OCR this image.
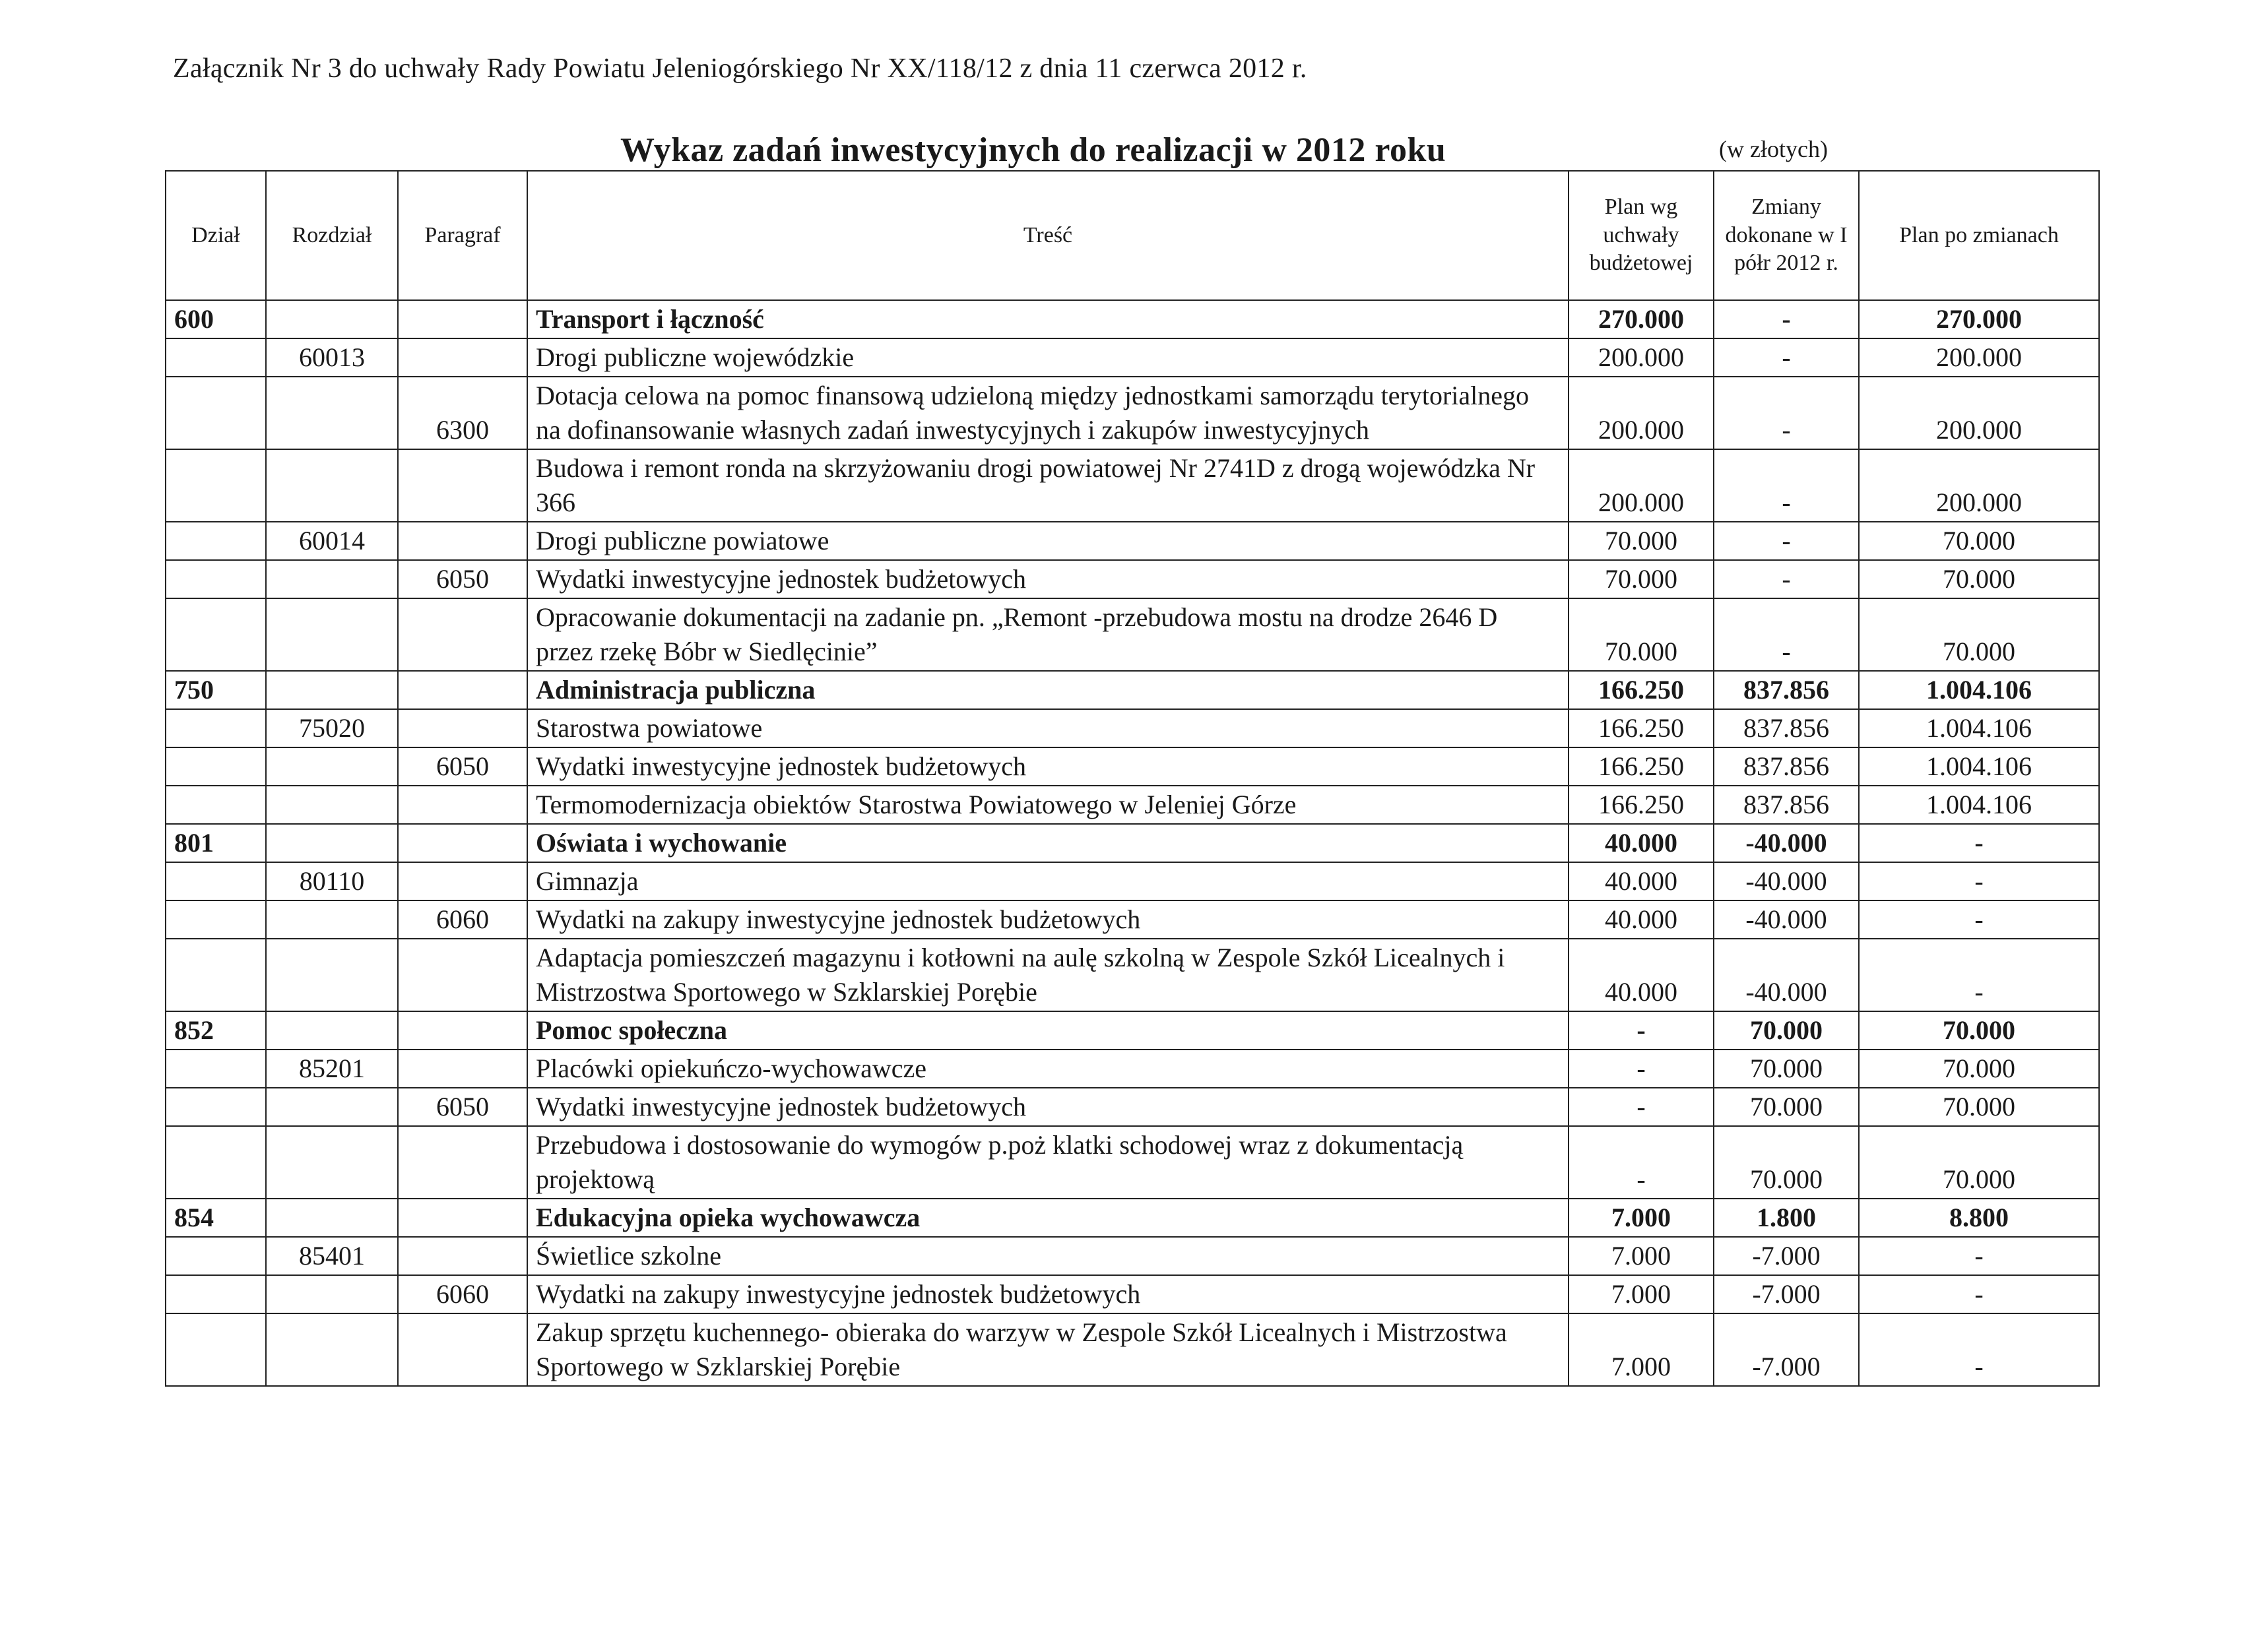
Załącznik Nr 3 do uchwały Rady Powiatu Jeleniogórskiego Nr XX/118/12 z dnia 11 czerwca 2012 r.
Wykaz zadań inwestycyjnych do realizacji w 2012 roku	(w złotych)
Dział	Rozdział	Paragraf	Treść	Plan wg uchwały budżetowej	Zmiany dokonane w I półr 2012 r.	Plan po zmianach
600			Transport i łączność	270.000	-	270.000
	60013		Drogi publiczne wojewódzkie	200.000	-	200.000
		6300	Dotacja celowa na pomoc finansową udzieloną między jednostkami samorządu terytorialnego na dofinansowanie własnych zadań inwestycyjnych i zakupów inwestycyjnych	200.000	-	200.000
			Budowa i remont ronda na skrzyżowaniu drogi powiatowej Nr 2741D z drogą wojewódzka Nr 366	200.000	-	200.000
	60014		Drogi publiczne powiatowe	70.000	-	70.000
		6050	Wydatki inwestycyjne jednostek budżetowych	70.000	-	70.000
			Opracowanie dokumentacji na zadanie pn. „Remont -przebudowa mostu na drodze 2646 D przez rzekę Bóbr w Siedlęcinie”	70.000	-	70.000
750			Administracja publiczna	166.250	837.856	1.004.106
	75020		Starostwa powiatowe	166.250	837.856	1.004.106
		6050	Wydatki inwestycyjne jednostek budżetowych	166.250	837.856	1.004.106
			Termomodernizacja obiektów Starostwa Powiatowego w Jeleniej Górze	166.250	837.856	1.004.106
801			Oświata i wychowanie	40.000	-40.000	-
	80110		Gimnazja	40.000	-40.000	-
		6060	Wydatki na zakupy inwestycyjne jednostek budżetowych	40.000	-40.000	-
			Adaptacja pomieszczeń magazynu i kotłowni na aulę szkolną w Zespole Szkół Licealnych i Mistrzostwa Sportowego w Szklarskiej Porębie	40.000	-40.000	-
852			Pomoc społeczna	-	70.000	70.000
	85201		Placówki opiekuńczo-wychowawcze	-	70.000	70.000
		6050	Wydatki inwestycyjne jednostek budżetowych	-	70.000	70.000
			Przebudowa i dostosowanie do wymogów p.poż klatki schodowej wraz z dokumentacją projektową	-	70.000	70.000
854			Edukacyjna opieka wychowawcza	7.000	1.800	8.800
	85401		Świetlice szkolne	7.000	-7.000	-
		6060	Wydatki na zakupy inwestycyjne jednostek budżetowych	7.000	-7.000	-
			Zakup sprzętu kuchennego- obieraka do warzyw w Zespole Szkół Licealnych i Mistrzostwa Sportowego w Szklarskiej Porębie	7.000	-7.000	-
